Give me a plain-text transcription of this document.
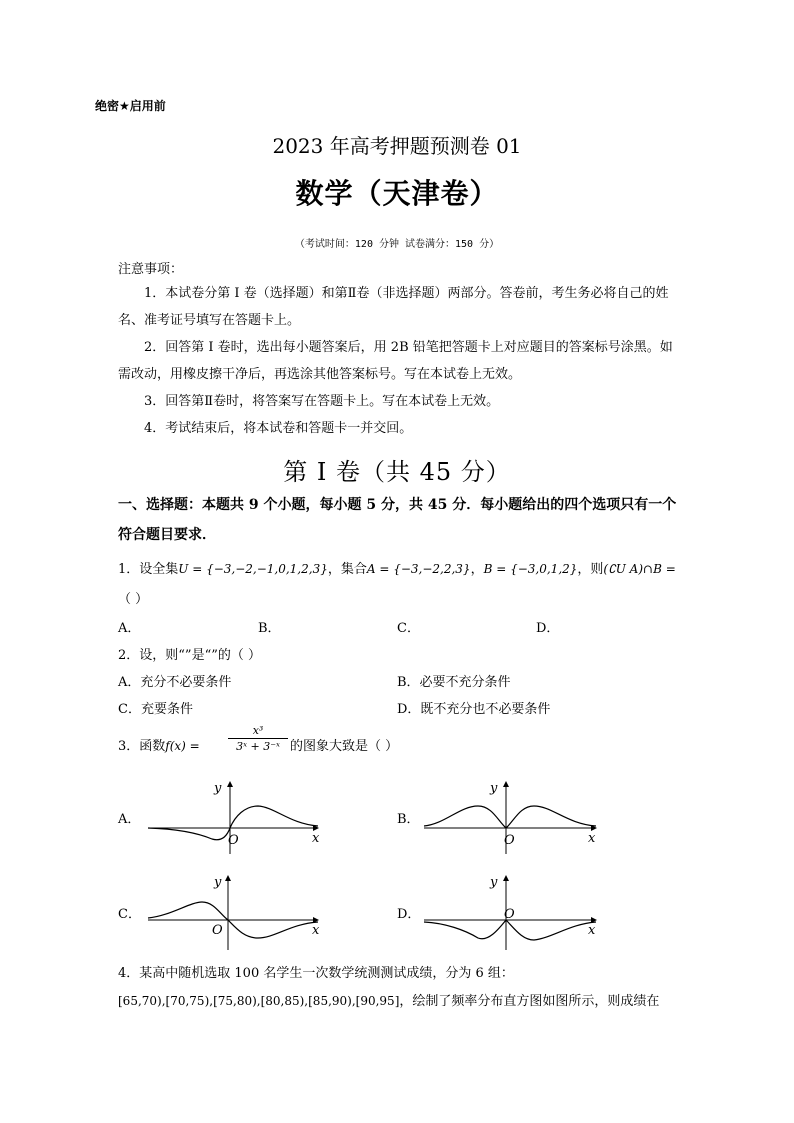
绝密★启用前
2023 年高考押题预测卷 01
数学（天津卷）
（考试时间：120 分钟 试卷满分：150 分）
注意事项：
1．本试卷分第 I 卷（选择题）和第Ⅱ卷（非选择题）两部分。答卷前，考生务必将自己的姓名、准考证号填写在答题卡上。
2．回答第 I 卷时，选出每小题答案后，用 2B 铅笔把答题卡上对应题目的答案标号涂黑。如需改动，用橡皮擦干净后，再选涂其他答案标号。写在本试卷上无效。
3．回答第Ⅱ卷时，将答案写在答题卡上。写在本试卷上无效。
4．考试结束后，将本试卷和答题卡一并交回。
第 I 卷（共 45 分）
一、选择题：本题共 9 个小题，每小题 5 分，共 45 分．每小题给出的四个选项只有一个符合题目要求．
1．设全集U = {−3,−2,−1,0,1,2,3}，集合A = {−3,−2,2,3}，B = {−3,0,1,2}，则(∁U A)∩B =
（ ）
A．	B．	C．	D．
2．设，则“”是“”的（ ）
A．充分不必要条件	B．必要不充分条件
C．充要条件	D．既不充分也不必要条件
3．函数f(x) =	$\frac{\text{x³}}{\text{3ˣ + 3⁻ˣ}}$ 的图象大致是（ ）
A．	B．
C．	D．
y
x
O
y
x
O
y
x
O
y
x
O
4．某高中随机选取 100 名学生一次数学统测测试成绩，分为 6 组：
[65,70),[70,75),[75,80),[80,85),[85,90),[90,95]，绘制了频率分布直方图如图所示，则成绩在
